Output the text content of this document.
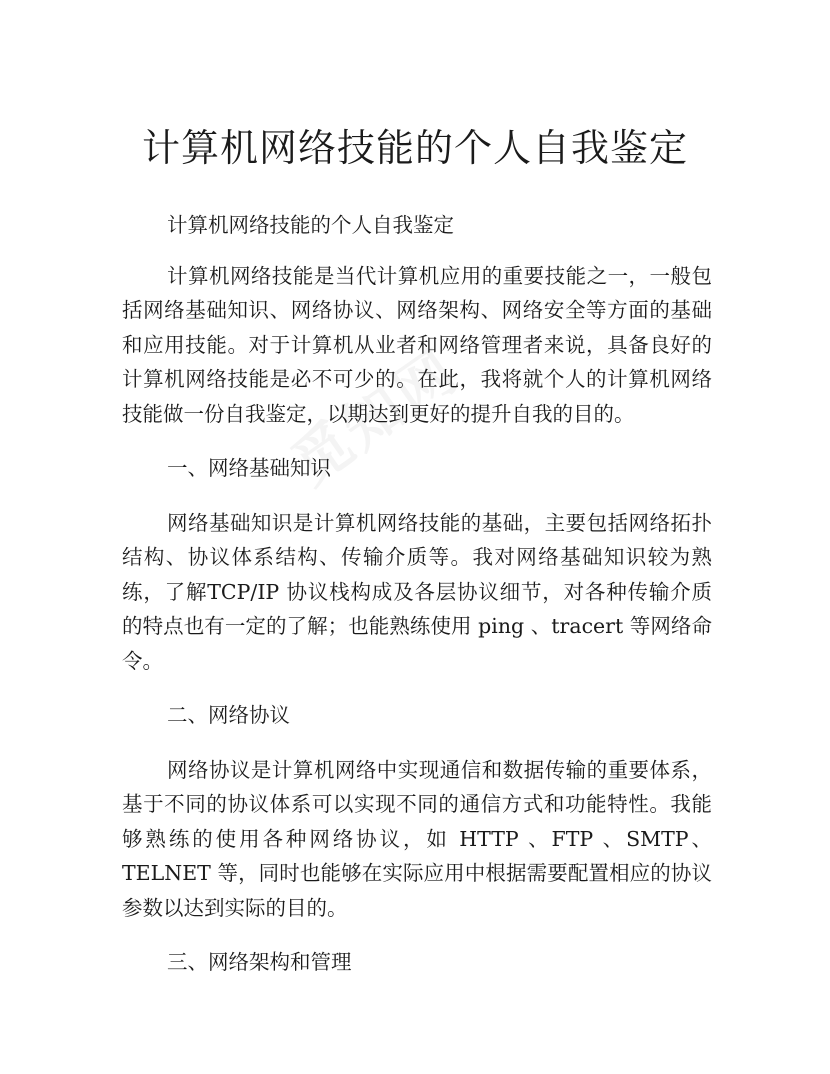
计算机网络技能的个人自我鉴定

计算机网络技能的个人自我鉴定

计算机网络技能是当代计算机应用的重要技能之一，一般包括网络基础知识、网络协议、网络架构、网络安全等方面的基础和应用技能。对于计算机从业者和网络管理者来说，具备良好的计算机网络技能是必不可少的。在此，我将就个人的计算机网络技能做一份自我鉴定，以期达到更好的提升自我的目的。

一、网络基础知识

网络基础知识是计算机网络技能的基础，主要包括网络拓扑结构、协议体系结构、传输介质等。我对网络基础知识较为熟练，了解TCP/IP 协议栈构成及各层协议细节，对各种传输介质的特点也有一定的了解；也能熟练使用 ping 、tracert 等网络命令。

二、网络协议

网络协议是计算机网络中实现通信和数据传输的重要体系，基于不同的协议体系可以实现不同的通信方式和功能特性。我能够熟练的使用各种网络协议，如 HTTP 、FTP 、SMTP、TELNET 等，同时也能够在实际应用中根据需要配置相应的协议参数以达到实际的目的。

三、网络架构和管理
